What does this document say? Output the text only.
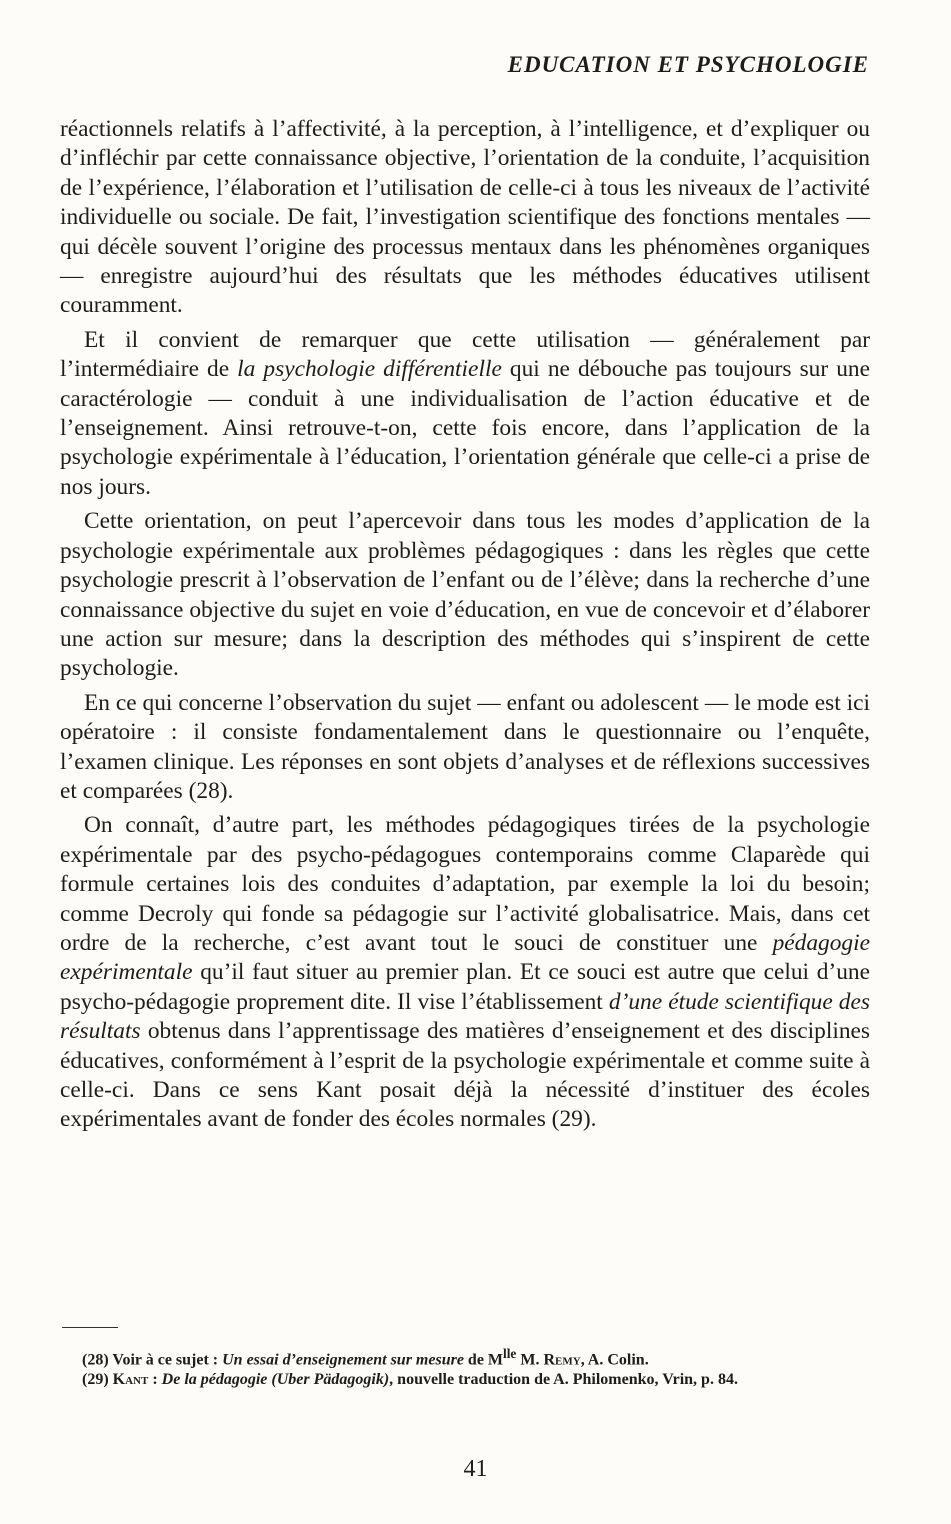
EDUCATION ET PSYCHOLOGIE

réactionnels relatifs à l’affectivité, à la perception, à l’intelligence, et d’expliquer ou d’infléchir par cette connaissance objective, l’orientation de la conduite, l’acquisition de l’expérience, l’élaboration et l’utilisation de celle-ci à tous les niveaux de l’activité individuelle ou sociale. De fait, l’investigation scientifique des fonctions mentales — qui décèle souvent l’origine des processus mentaux dans les phénomènes organiques — enregistre aujourd’hui des résultats que les méthodes éducatives utilisent couramment.

Et il convient de remarquer que cette utilisation — généralement par l’intermédiaire de la psychologie différentielle qui ne débouche pas toujours sur une caractérologie — conduit à une individualisation de l’action éducative et de l’enseignement. Ainsi retrouve-t-on, cette fois encore, dans l’application de la psychologie expérimentale à l’éducation, l’orientation générale que celle-ci a prise de nos jours.

Cette orientation, on peut l’apercevoir dans tous les modes d’application de la psychologie expérimentale aux problèmes pédagogiques : dans les règles que cette psychologie prescrit à l’observation de l’enfant ou de l’élève; dans la recherche d’une connaissance objective du sujet en voie d’éducation, en vue de concevoir et d’élaborer une action sur mesure; dans la description des méthodes qui s’inspirent de cette psychologie.

En ce qui concerne l’observation du sujet — enfant ou adolescent — le mode est ici opératoire : il consiste fondamentalement dans le questionnaire ou l’enquête, l’examen clinique. Les réponses en sont objets d’analyses et de réflexions successives et comparées (28).

On connaît, d’autre part, les méthodes pédagogiques tirées de la psychologie expérimentale par des psycho-pédagogues contemporains comme Claparède qui formule certaines lois des conduites d’adaptation, par exemple la loi du besoin; comme Decroly qui fonde sa pédagogie sur l’activité globalisatrice. Mais, dans cet ordre de la recherche, c’est avant tout le souci de constituer une pédagogie expérimentale qu’il faut situer au premier plan. Et ce souci est autre que celui d’une psycho-pédagogie proprement dite. Il vise l’établissement d’une étude scientifique des résultats obtenus dans l’apprentissage des matières d’enseignement et des disciplines éducatives, conformément à l’esprit de la psychologie expérimentale et comme suite à celle-ci. Dans ce sens Kant posait déjà la nécessité d’instituer des écoles expérimentales avant de fonder des écoles normales (29).

(28) Voir à ce sujet : Un essai d’enseignement sur mesure de $M^{lle}$ M. Remy, A. Colin.

(29) Kant : De la pédagogie (Uber Pädagogik), nouvelle traduction de A. Philomenko, Vrin, p. 84.

41
